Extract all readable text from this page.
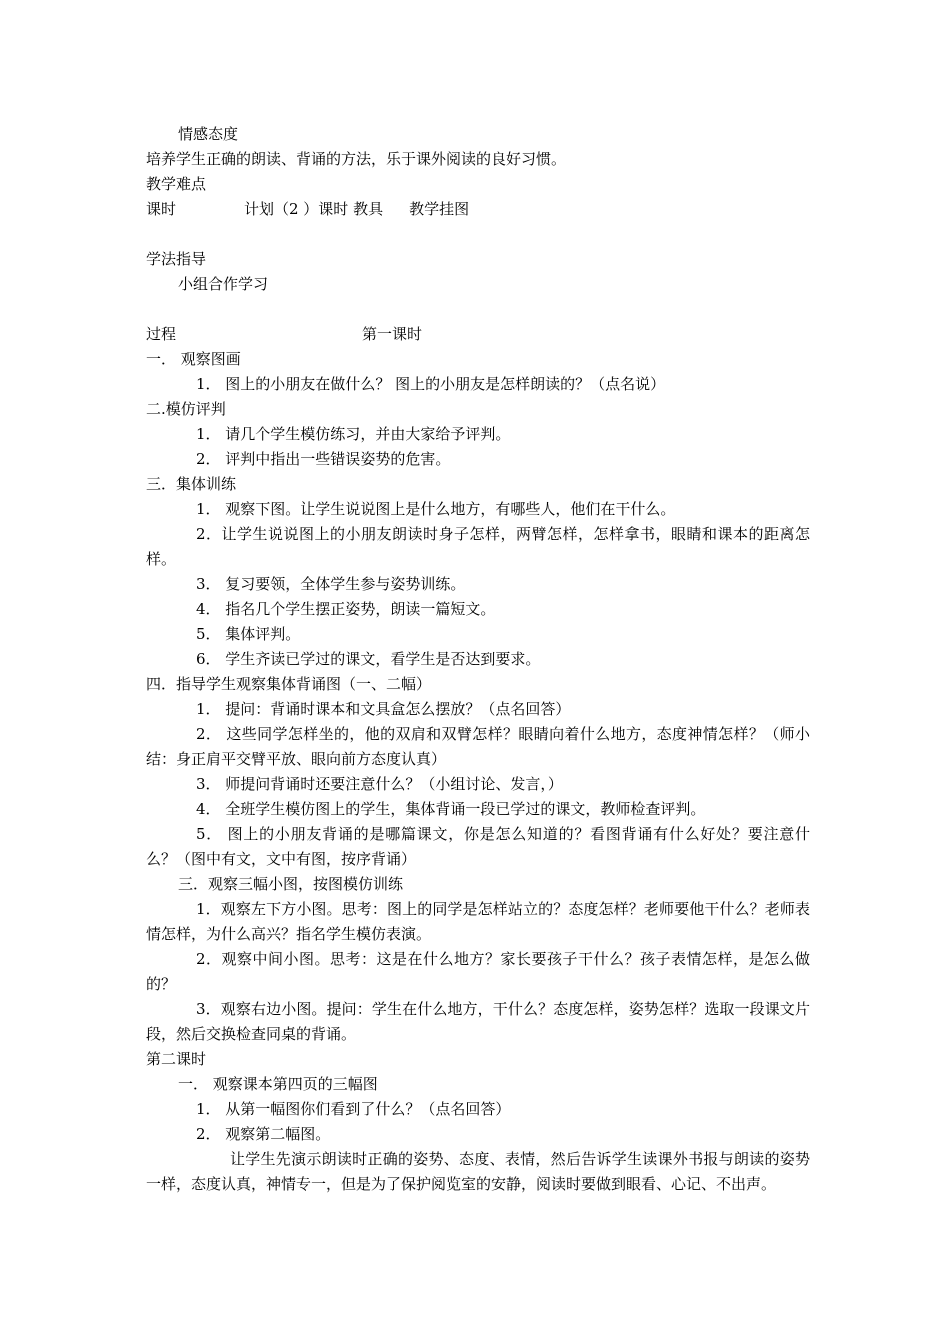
情感态度
培养学生正确的朗读、背诵的方法，乐于课外阅读的良好习惯。
教学难点
课时	计划（2 ）课时 教具 教学挂图
学法指导
小组合作学习
过程	第一课时
一． 观察图画
1． 图上的小朋友在做什么？ 图上的小朋友是怎样朗读的？（点名说）
二.模仿评判
1． 请几个学生模仿练习，并由大家给予评判。
2． 评判中指出一些错误姿势的危害。
三．集体训练
1． 观察下图。让学生说说图上是什么地方，有哪些人，他们在干什么。
2．让学生说说图上的小朋友朗读时身子怎样，两臂怎样，怎样拿书，眼睛和课本的距离怎样。
3． 复习要领，全体学生参与姿势训练。
4． 指名几个学生摆正姿势，朗读一篇短文。
5． 集体评判。
6． 学生齐读已学过的课文，看学生是否达到要求。
四．指导学生观察集体背诵图（一、二幅）
1． 提问：背诵时课本和文具盒怎么摆放？（点名回答）
2． 这些同学怎样坐的，他的双肩和双臂怎样？眼睛向着什么地方，态度神情怎样？（师小结：身正肩平交臂平放、眼向前方态度认真）
3． 师提问背诵时还要注意什么？（小组讨论、发言，）
4． 全班学生模仿图上的学生，集体背诵一段已学过的课文，教师检查评判。
5． 图上的小朋友背诵的是哪篇课文，你是怎么知道的？看图背诵有什么好处？要注意什么？（图中有文，文中有图，按序背诵）
三．观察三幅小图，按图模仿训练
1．观察左下方小图。思考：图上的同学是怎样站立的？态度怎样？老师要他干什么？老师表情怎样，为什么高兴？指名学生模仿表演。
2．观察中间小图。思考：这是在什么地方？家长要孩子干什么？孩子表情怎样，是怎么做的？
3．观察右边小图。提问：学生在什么地方，干什么？态度怎样，姿势怎样？选取一段课文片段，然后交换检查同桌的背诵。
第二课时
一． 观察课本第四页的三幅图
1． 从第一幅图你们看到了什么？（点名回答）
2． 观察第二幅图。
让学生先演示朗读时正确的姿势、态度、表情，然后告诉学生读课外书报与朗读的姿势一样，态度认真，神情专一，但是为了保护阅览室的安静，阅读时要做到眼看、心记、不出声。
